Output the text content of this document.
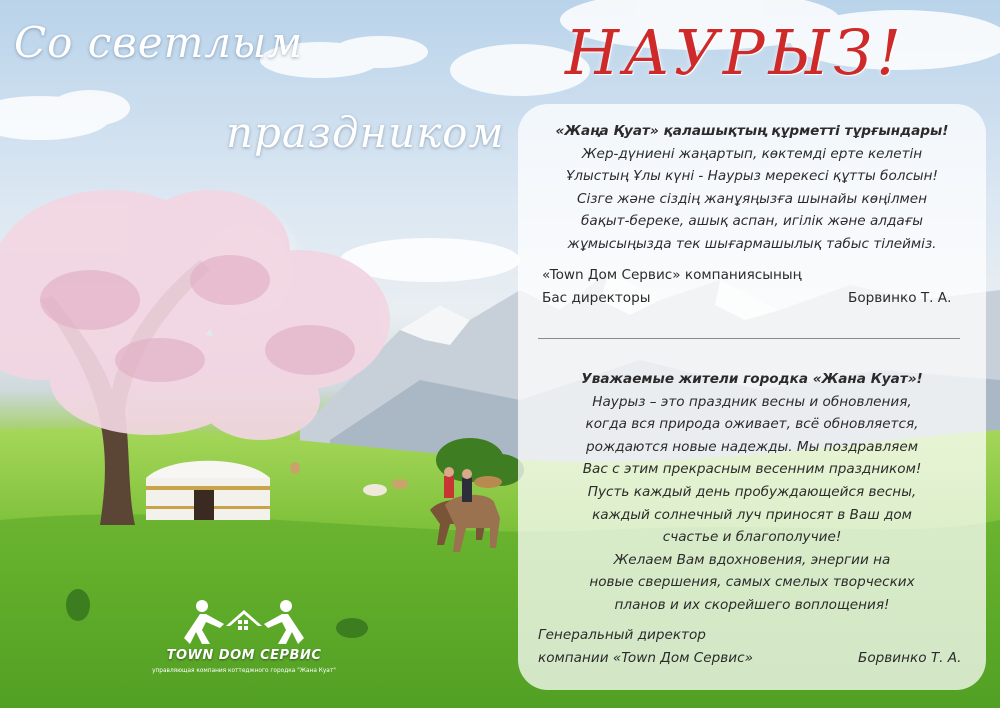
Со светлым
праздником
НАУРЫЗ!

«Жаңа Қуат» қалашықтың құрметті тұрғындары!
Жер-дүниені жаңартып, көктемді ерте келетін
Ұлыстың Ұлы күні - Наурыз мерекесі құтты болсын!
Сізге және сіздің жанұяңызға шынайы көңілмен
бақыт-береке, ашық аспан, игілік және алдағы
жұмысыңызда тек шығармашылық табыс тілейміз.

«Town Дом Сервис» компаниясының
Бас директоры	Борвинко Т. А.

Уважаемые жители городка «Жана Куат»!
Наурыз – это праздник весны и обновления,
когда вся природа оживает, всё обновляется,
рождаются новые надежды. Мы поздравляем
Вас с этим прекрасным весенним праздником!
Пусть каждый день пробуждающейся весны,
каждый солнечный луч приносят в Ваш дом
счастье и благополучие!
Желаем Вам вдохновения, энергии на
новые свершения, самых смелых творческих
планов и их скорейшего воплощения!

Генеральный директор
компании «Town Дом Сервис»	Борвинко Т. А.
TOWN DOM СЕРВИС
управляющая компания коттеджного городка "Жана Куат"
